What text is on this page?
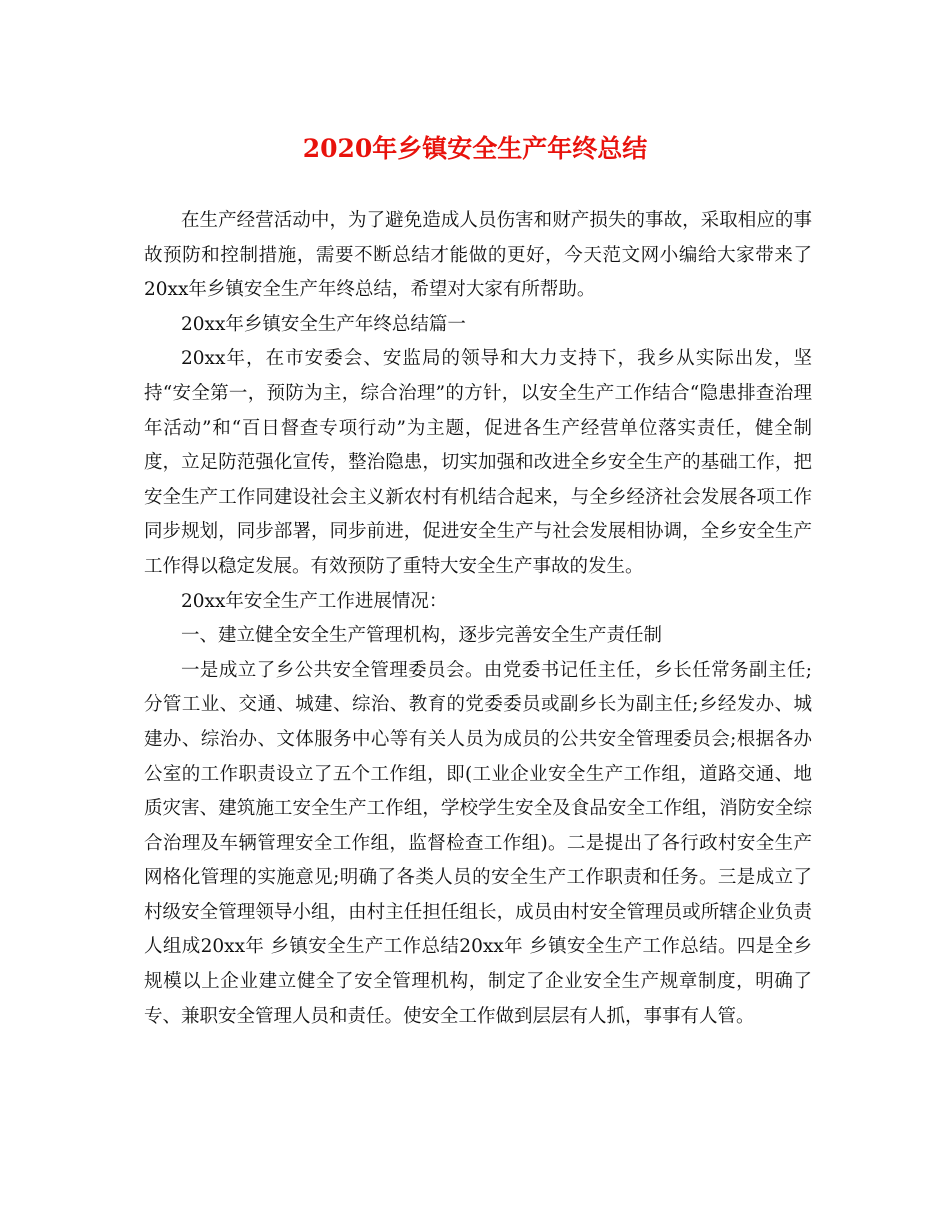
2020年乡镇安全生产年终总结

在生产经营活动中，为了避免造成人员伤害和财产损失的事故，采取相应的事故预防和控制措施，需要不断总结才能做的更好，今天范文网小编给大家带来了20xx年乡镇安全生产年终总结，希望对大家有所帮助。

20xx年乡镇安全生产年终总结篇一

20xx年，在市安委会、安监局的领导和大力支持下，我乡从实际出发，坚持“安全第一，预防为主，综合治理”的方针，以安全生产工作结合“隐患排查治理年活动”和“百日督查专项行动”为主题，促进各生产经营单位落实责任，健全制度，立足防范强化宣传，整治隐患，切实加强和改进全乡安全生产的基础工作，把安全生产工作同建设社会主义新农村有机结合起来，与全乡经济社会发展各项工作同步规划，同步部署，同步前进，促进安全生产与社会发展相协调，全乡安全生产工作得以稳定发展。有效预防了重特大安全生产事故的发生。

20xx年安全生产工作进展情况：

一、建立健全安全生产管理机构，逐步完善安全生产责任制

一是成立了乡公共安全管理委员会。由党委书记任主任，乡长任常务副主任;分管工业、交通、城建、综治、教育的党委委员或副乡长为副主任;乡经发办、城建办、综治办、文体服务中心等有关人员为成员的公共安全管理委员会;根据各办公室的工作职责设立了五个工作组，即(工业企业安全生产工作组，道路交通、地质灾害、建筑施工安全生产工作组，学校学生安全及食品安全工作组，消防安全综合治理及车辆管理安全工作组，监督检查工作组)。二是提出了各行政村安全生产网格化管理的实施意见;明确了各类人员的安全生产工作职责和任务。三是成立了村级安全管理领导小组，由村主任担任组长，成员由村安全管理员或所辖企业负责人组成20xx年 乡镇安全生产工作总结20xx年 乡镇安全生产工作总结。四是全乡规模以上企业建立健全了安全管理机构，制定了企业安全生产规章制度，明确了专、兼职安全管理人员和责任。使安全工作做到层层有人抓，事事有人管。
